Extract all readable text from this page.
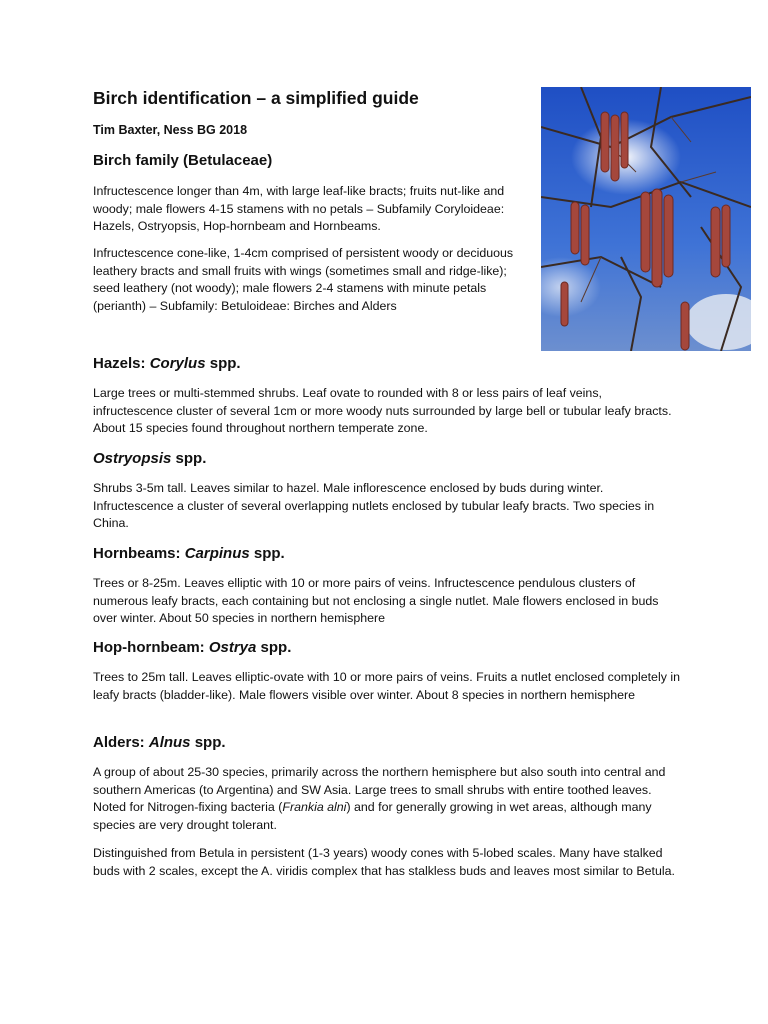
Birch identification – a simplified guide

Tim Baxter, Ness BG 2018

Birch family (Betulaceae)

Infructescence longer than 4m, with large leaf-like bracts; fruits nut-like and woody; male flowers 4-15 stamens with no petals – Subfamily Coryloideae: Hazels, Ostryopsis, Hop-hornbeam and Hornbeams.

Infructescence cone-like, 1-4cm comprised of persistent woody or deciduous leathery bracts and small fruits with wings (sometimes small and ridge-like); seed leathery (not woody); male flowers 2-4 stamens with minute petals (perianth) – Subfamily: Betuloideae: Birches and Alders

Hazels: Corylus spp.

Large trees or multi-stemmed shrubs. Leaf ovate to rounded with 8 or less pairs of leaf veins, infructescence cluster of several 1cm or more woody nuts surrounded by large bell or tubular leafy bracts. About 15 species found throughout northern temperate zone.

Ostryopsis spp.

Shrubs 3-5m tall. Leaves similar to hazel. Male inflorescence enclosed by buds during winter. Infructescence a cluster of several overlapping nutlets enclosed by tubular leafy bracts. Two species in China.

Hornbeams: Carpinus spp.

Trees or 8-25m. Leaves elliptic with 10 or more pairs of veins. Infructescence pendulous clusters of numerous leafy bracts, each containing but not enclosing a single nutlet. Male flowers enclosed in buds over winter. About 50 species in northern hemisphere

Hop-hornbeam: Ostrya spp.

Trees to 25m tall. Leaves elliptic-ovate with 10 or more pairs of veins. Fruits a nutlet enclosed completely in leafy bracts (bladder-like). Male flowers visible over winter. About 8 species in northern hemisphere

Alders: Alnus spp.

A group of about 25-30 species, primarily across the northern hemisphere but also south into central and southern Americas (to Argentina) and SW Asia. Large trees to small shrubs with entire toothed leaves. Noted for Nitrogen-fixing bacteria (Frankia alni) and for generally growing in wet areas, although many species are very drought tolerant.

Distinguished from Betula in persistent (1-3 years) woody cones with 5-lobed scales. Many have stalked buds with 2 scales, except the A. viridis complex that has stalkless buds and leaves most similar to Betula.
